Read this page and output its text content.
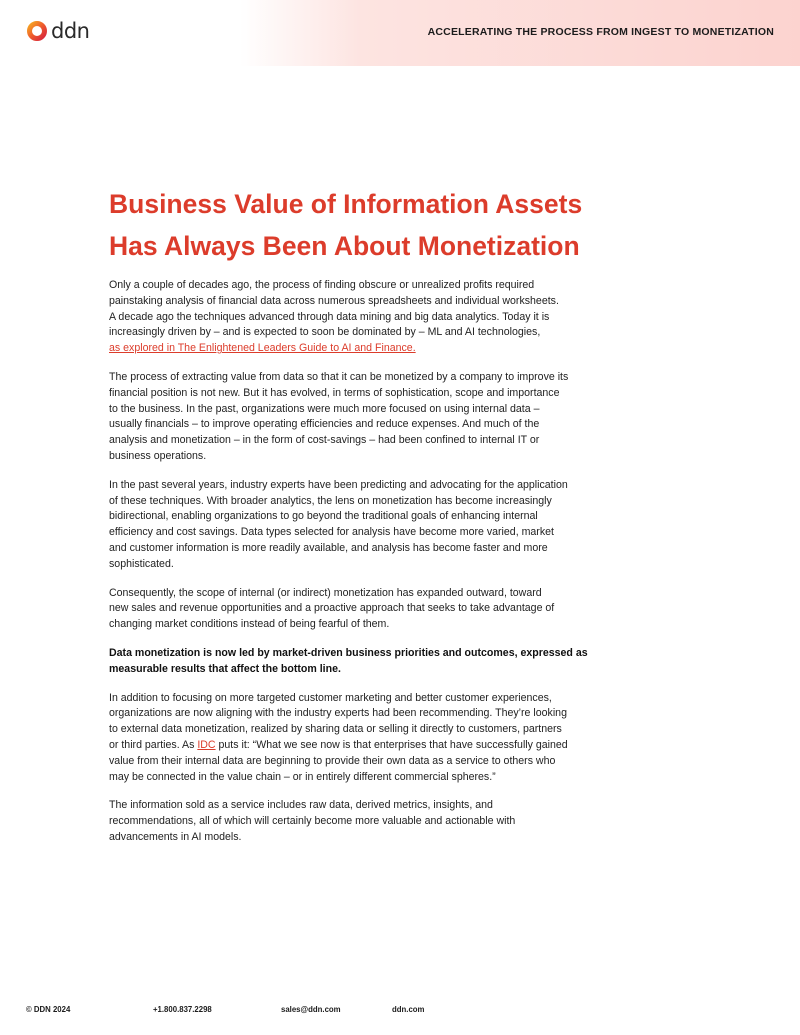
ddn	ACCELERATING THE PROCESS FROM INGEST TO MONETIZATION
Business Value of Information Assets
Has Always Been About Monetization

Only a couple of decades ago, the process of finding obscure or unrealized profits required
painstaking analysis of financial data across numerous spreadsheets and individual worksheets.
A decade ago the techniques advanced through data mining and big data analytics. Today it is
increasingly driven by – and is expected to soon be dominated by – ML and AI technologies,
as explored in The Enlightened Leaders Guide to AI and Finance.

The process of extracting value from data so that it can be monetized by a company to improve its
financial position is not new. But it has evolved, in terms of sophistication, scope and importance
to the business. In the past, organizations were much more focused on using internal data –
usually financials – to improve operating efficiencies and reduce expenses. And much of the
analysis and monetization – in the form of cost-savings – had been confined to internal IT or
business operations.

In the past several years, industry experts have been predicting and advocating for the application
of these techniques. With broader analytics, the lens on monetization has become increasingly
bidirectional, enabling organizations to go beyond the traditional goals of enhancing internal
efficiency and cost savings. Data types selected for analysis have become more varied, market
and customer information is more readily available, and analysis has become faster and more
sophisticated.

Consequently, the scope of internal (or indirect) monetization has expanded outward, toward
new sales and revenue opportunities and a proactive approach that seeks to take advantage of
changing market conditions instead of being fearful of them.

Data monetization is now led by market-driven business priorities and outcomes, expressed as
measurable results that affect the bottom line.

In addition to focusing on more targeted customer marketing and better customer experiences,
organizations are now aligning with the industry experts had been recommending. They’re looking
to external data monetization, realized by sharing data or selling it directly to customers, partners
or third parties. As IDC puts it: “What we see now is that enterprises that have successfully gained
value from their internal data are beginning to provide their own data as a service to others who
may be connected in the value chain – or in entirely different commercial spheres.”

The information sold as a service includes raw data, derived metrics, insights, and
recommendations, all of which will certainly become more valuable and actionable with
advancements in AI models.

© DDN 2024	+1.800.837.2298	sales@ddn.com	ddn.com
